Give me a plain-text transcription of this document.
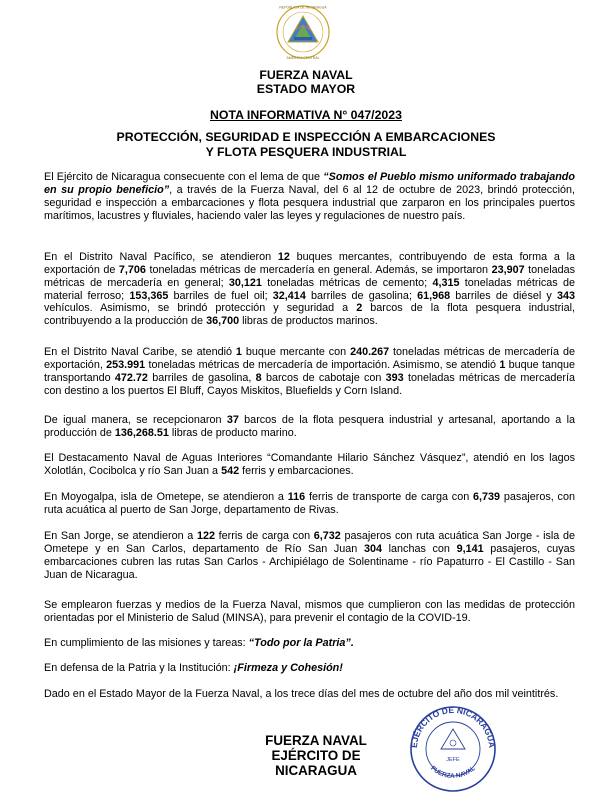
AMÉRICA CENTRAL
REPÚBLICA DE NICARAGUA
FUERZA NAVAL
ESTADO MAYOR
NOTA INFORMATIVA N° 047/2023
PROTECCIÓN, SEGURIDAD E INSPECCIÓN A EMBARCACIONES
Y FLOTA PESQUERA INDUSTRIAL

El Ejército de Nicaragua consecuente con el lema de que “Somos el Pueblo mismo uniformado trabajando en su propio beneficio”, a través de la Fuerza Naval, del 6 al 12 de octubre de 2023, brindó protección, seguridad e inspección a embarcaciones y flota pesquera industrial que zarparon en los principales puertos marítimos, lacustres y fluviales, haciendo valer las leyes y regulaciones de nuestro país.

En el Distrito Naval Pacífico, se atendieron 12 buques mercantes, contribuyendo de esta forma a la exportación de 7,706 toneladas métricas de mercadería en general. Además, se importaron 23,907 toneladas métricas de mercadería en general; 30,121 toneladas métricas de cemento; 4,315 toneladas métricas de material ferroso; 153,365 barriles de fuel oil; 32,414 barriles de gasolina; 61,968 barriles de diésel y 343 vehículos. Asimismo, se brindó protección y seguridad a 2 barcos de la flota pesquera industrial, contribuyendo a la producción de 36,700 libras de productos marinos.

En el Distrito Naval Caribe, se atendió 1 buque mercante con 240.267 toneladas métricas de mercadería de exportación, 253.991 toneladas métricas de mercadería de importación. Asimismo, se atendió 1 buque tanque transportando 472.72 barriles de gasolina, 8 barcos de cabotaje con 393 toneladas métricas de mercadería con destino a los puertos El Bluff, Cayos Miskitos, Bluefields y Corn Island.

De igual manera, se recepcionaron 37 barcos de la flota pesquera industrial y artesanal, aportando a la producción de 136,268.51 libras de producto marino.

El Destacamento Naval de Aguas Interiores “Comandante Hilario Sánchez Vásquez”, atendió en los lagos Xolotlán, Cocibolca y río San Juan a 542 ferris y embarcaciones.

En Moyogalpa, isla de Ometepe, se atendieron a 116 ferris de transporte de carga con 6,739 pasajeros, con ruta acuática al puerto de San Jorge, departamento de Rivas.

En San Jorge, se atendieron a 122 ferris de carga con 6,732 pasajeros con ruta acuática San Jorge - isla de Ometepe y en San Carlos, departamento de Río San Juan 304 lanchas con 9,141 pasajeros, cuyas embarcaciones cubren las rutas San Carlos - Archipiélago de Solentiname - río Papaturro - El Castillo - San Juan de Nicaragua.

Se emplearon fuerzas y medios de la Fuerza Naval, mismos que cumplieron con las medidas de protección orientadas por el Ministerio de Salud (MINSA), para prevenir el contagio de la COVID-19.

En cumplimiento de las misiones y tareas: “Todo por la Patria”.

En defensa de la Patria y la Institución: ¡Firmeza y Cohesión!

Dado en el Estado Mayor de la Fuerza Naval, a los trece días del mes de octubre del año dos mil veintitrés.

FUERZA NAVAL
EJÉRCITO DE NICARAGUA
EJÉRCITO DE NICARAGUA
FUERZA NAVAL
JEFE
